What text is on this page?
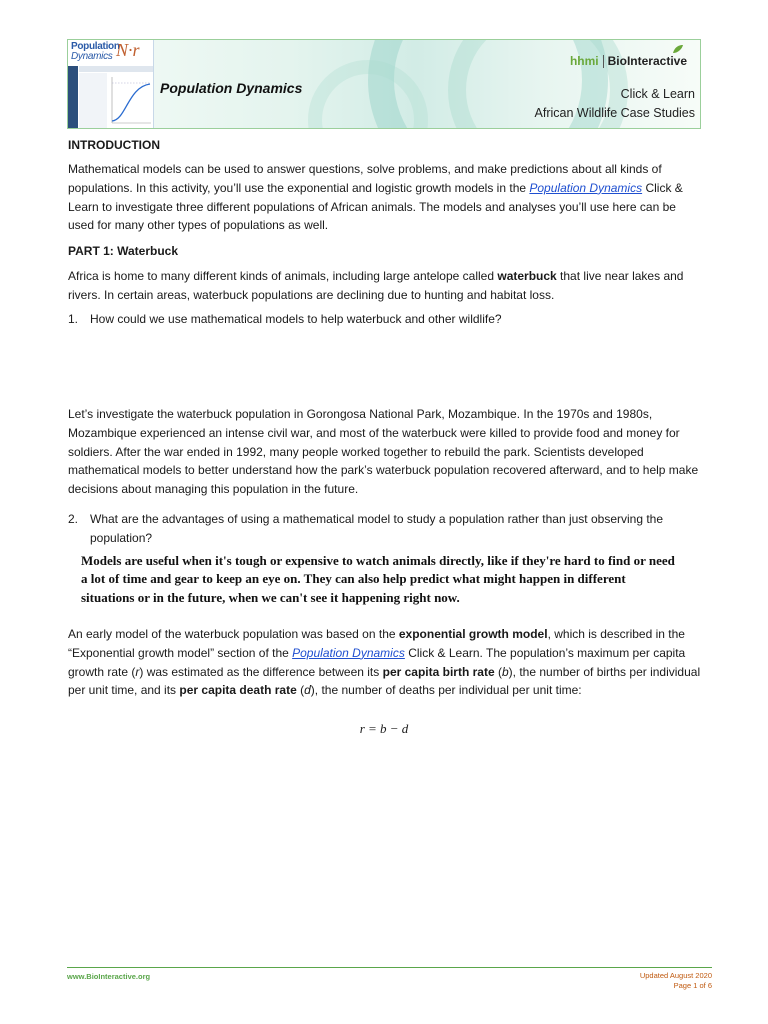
Population
Dynamics N·r
Population Dynamics
hhmi BioInteractive
Click & Learn
African Wildlife Case Studies
INTRODUCTION
Mathematical models can be used to answer questions, solve problems, and make predictions about all kinds of populations. In this activity, you’ll use the exponential and logistic growth models in the Population Dynamics Click & Learn to investigate three different populations of African animals. The models and analyses you’ll use here can be used for many other types of populations as well.
PART 1: Waterbuck
Africa is home to many different kinds of animals, including large antelope called waterbuck that live near lakes and rivers. In certain areas, waterbuck populations are declining due to hunting and habitat loss.
1. How could we use mathematical models to help waterbuck and other wildlife?
Let’s investigate the waterbuck population in Gorongosa National Park, Mozambique. In the 1970s and 1980s, Mozambique experienced an intense civil war, and most of the waterbuck were killed to provide food and money for soldiers. After the war ended in 1992, many people worked together to rebuild the park. Scientists developed mathematical models to better understand how the park’s waterbuck population recovered afterward, and to help make decisions about managing this population in the future.
2. What are the advantages of using a mathematical model to study a population rather than just observing the population?
Models are useful when it's tough or expensive to watch animals directly, like if they're hard to find or need a lot of time and gear to keep an eye on. They can also help predict what might happen in different situations or in the future, when we can't see it happening right now.
An early model of the waterbuck population was based on the exponential growth model, which is described in the “Exponential growth model” section of the Population Dynamics Click & Learn. The population’s maximum per capita growth rate (r) was estimated as the difference between its per capita birth rate (b), the number of births per individual per unit time, and its per capita death rate (d), the number of deaths per individual per unit time:
r = b − d
www.BioInteractive.org	Updated August 2020
Page 1 of 6
